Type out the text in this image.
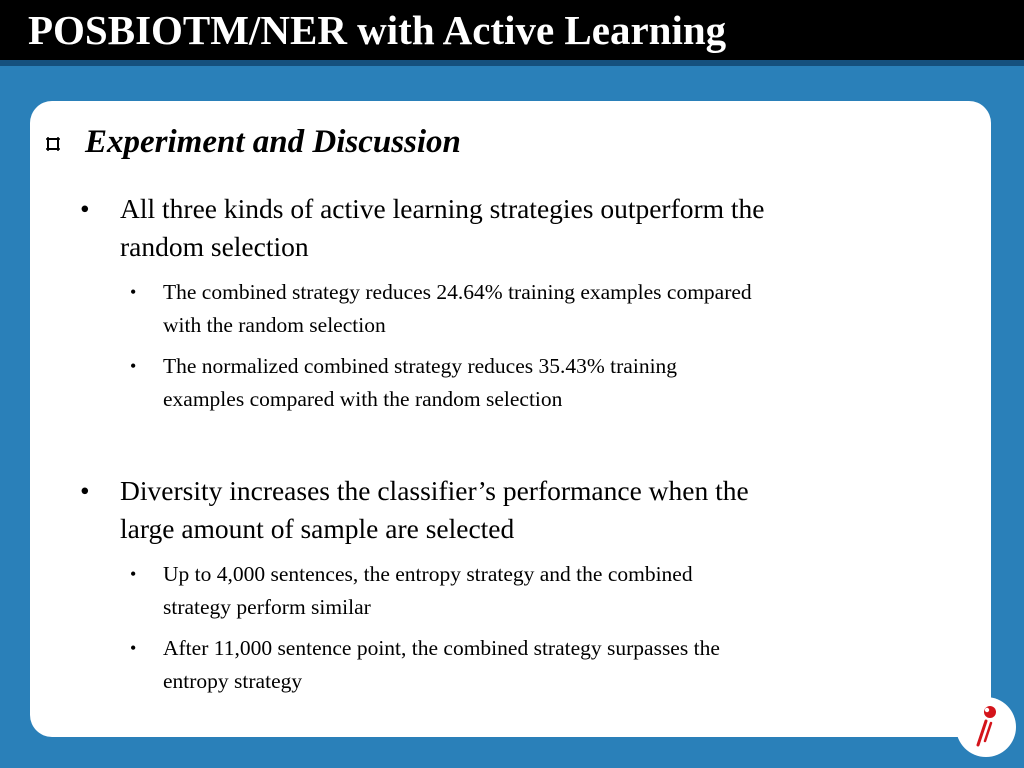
POSBIOTM/NER with Active Learning
Experiment and Discussion
• All three kinds of active learning strategies outperform the
random selection
• The combined strategy reduces 24.64% training examples compared
with the random selection
• The normalized combined strategy reduces 35.43% training
examples compared with the random selection
• Diversity increases the classifier’s performance when the
large amount of sample are selected
• Up to 4,000 sentences, the entropy strategy and the combined
strategy perform similar
• After 11,000 sentence point, the combined strategy surpasses the
entropy strategy
